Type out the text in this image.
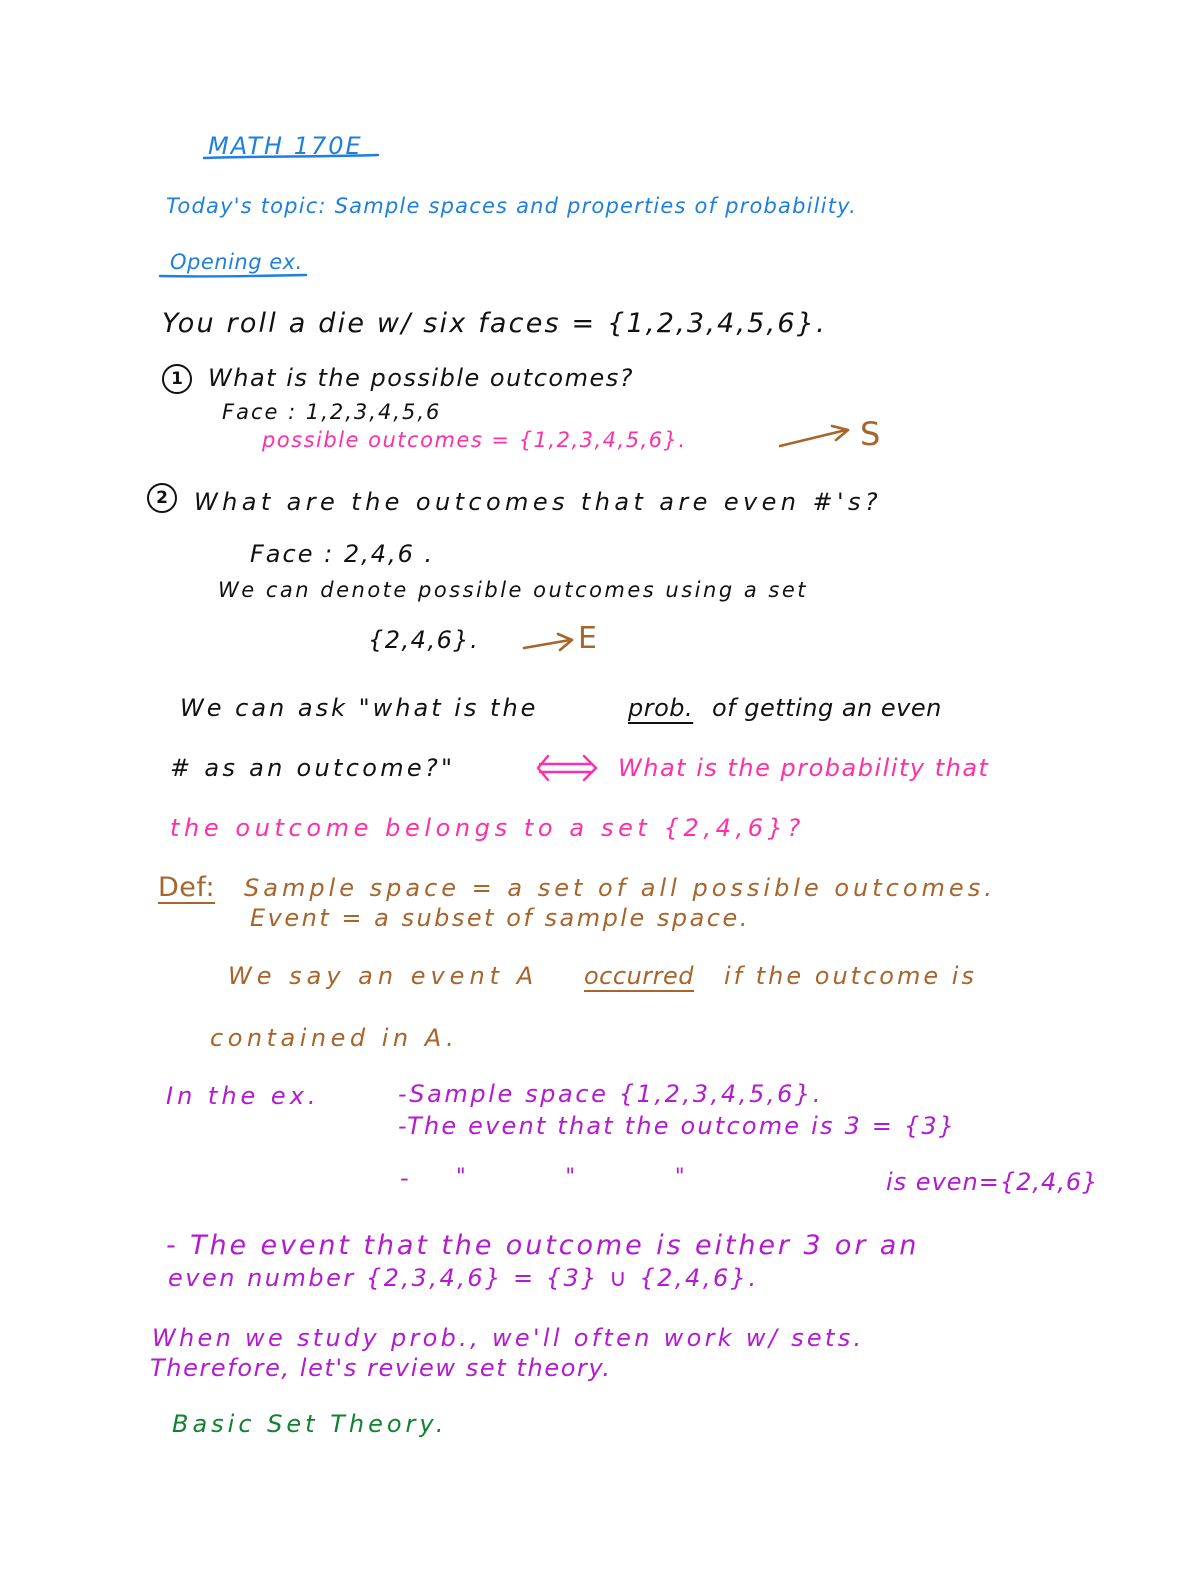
MATH 170E
Today's topic: Sample spaces and properties of probability.
Opening ex.
You roll a die w/ six faces = {1,2,3,4,5,6}.
1	What is the possible outcomes?
Face : 1,2,3,4,5,6
possible outcomes = {1,2,3,4,5,6}.	S
2	What are the outcomes that are even #'s?
Face : 2,4,6 .
We can denote possible outcomes using a set
{2,4,6}.	E
We can ask "what is the	prob. of getting an even
# as an outcome?"	What is the probability that
the outcome belongs to a set {2,4,6}?
Def: Sample space = a set of all possible outcomes.
Event = a subset of sample space.
We say an event A occurred if the outcome is
contained in A.
In the ex.	-Sample space {1,2,3,4,5,6}.
-The event that the outcome is 3 = {3}
- "          "          "	is even={2,4,6}
- The event that the outcome is either 3 or an
even number {2,3,4,6} = {3} ∪ {2,4,6}.
When we study prob., we'll often work w/ sets.
Therefore, let's review set theory.
Basic Set Theory.
